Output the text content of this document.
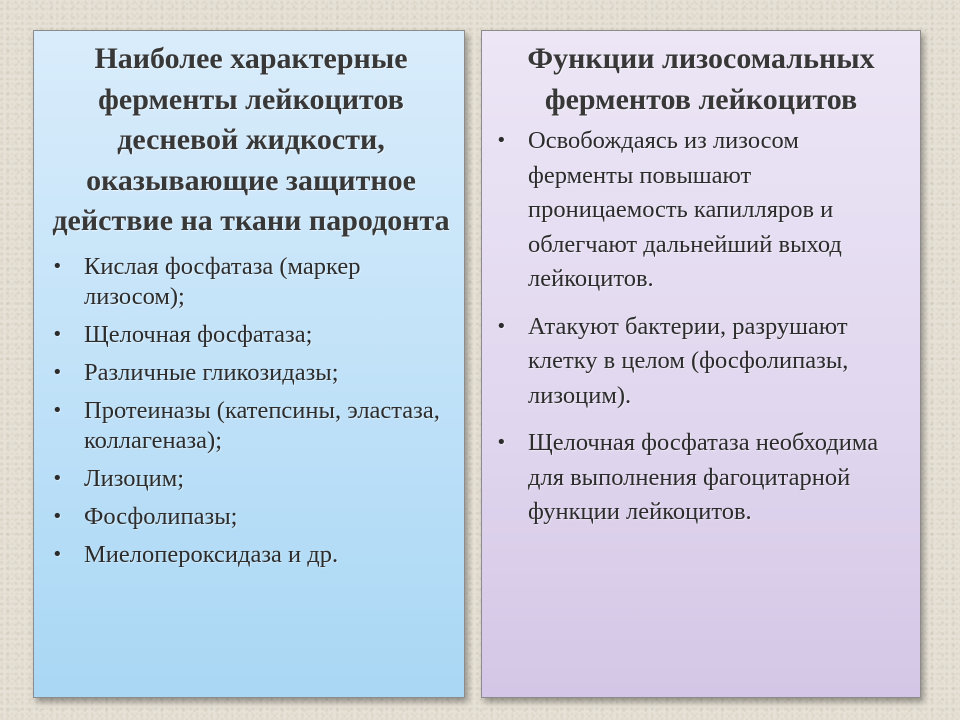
Наиболее характерные ферменты лейкоцитов десневой жидкости, оказывающие защитное действие на ткани пародонта
• Кислая фосфатаза (маркер лизосом);
• Щелочная фосфатаза;
• Различные гликозидазы;
• Протеиназы (катепсины, эластаза, коллагеназа);
• Лизоцим;
• Фосфолипазы;
• Миелопероксидаза и др.
Функции лизосомальных ферментов лейкоцитов
• Освобождаясь из лизосом ферменты повышают проницаемость капилляров и облегчают дальнейший выход лейкоцитов.
• Атакуют бактерии, разрушают клетку в целом (фосфолипазы, лизоцим).
• Щелочная фосфатаза необходима для выполнения фагоцитарной функции лейкоцитов.
